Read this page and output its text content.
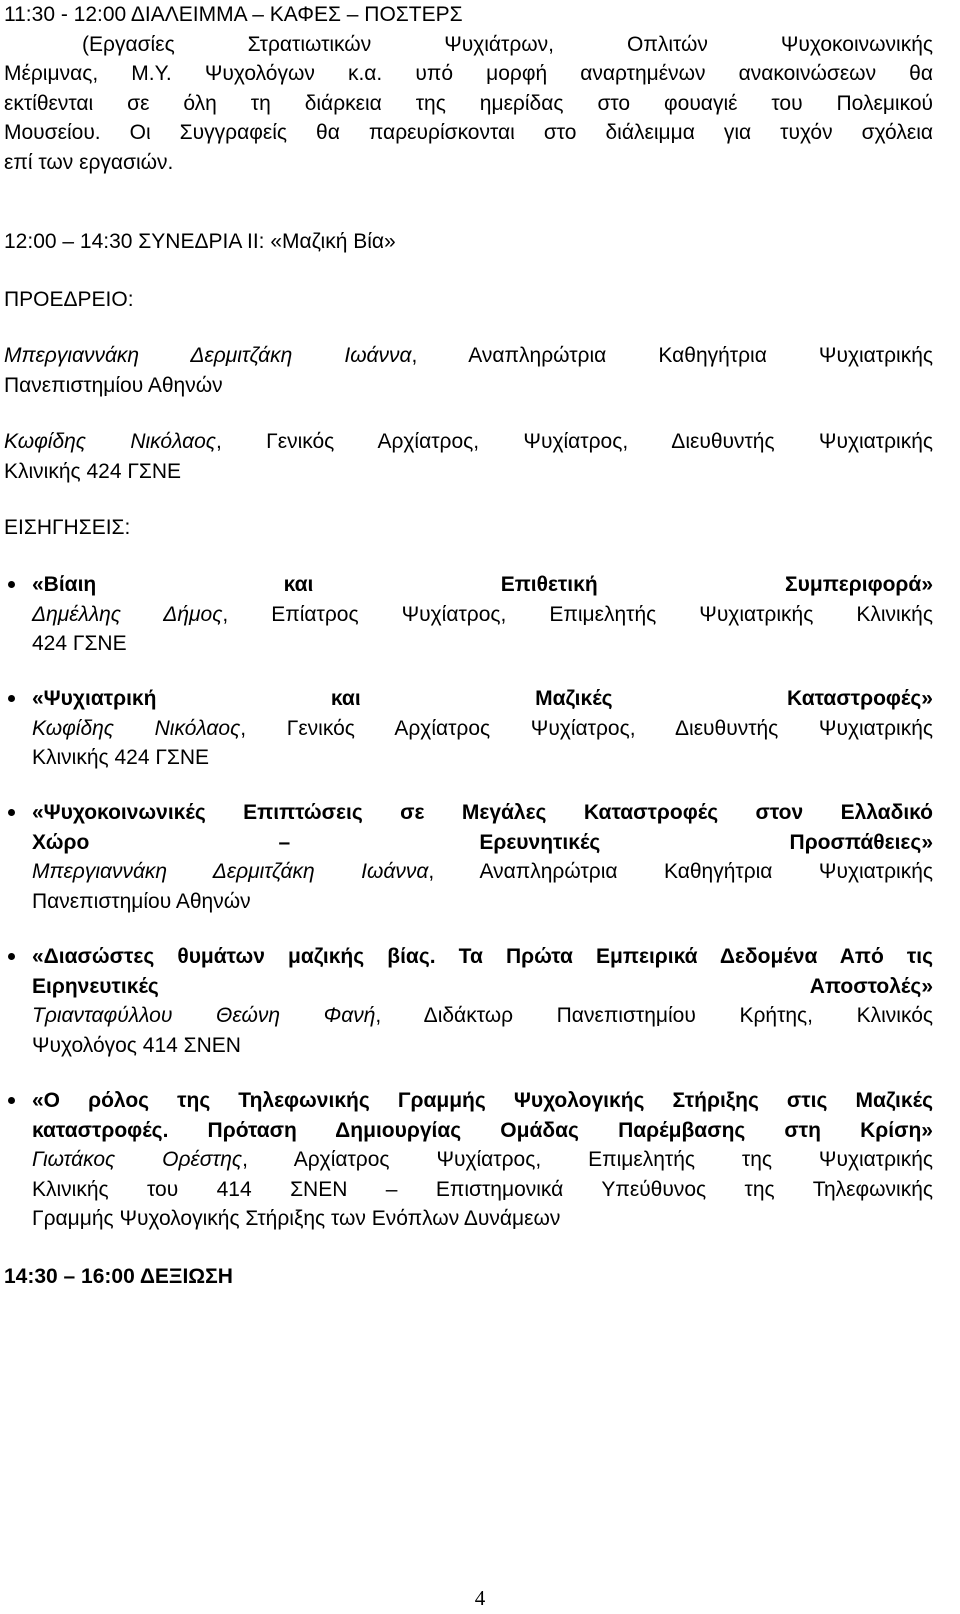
11:30 - 12:00 ΔΙΑΛΕΙΜΜΑ – ΚΑΦΕΣ – ΠΟΣΤΕΡΣ
(Εργασίες Στρατιωτικών Ψυχιάτρων, Οπλιτών Ψυχοκοινωνικής
Μέριμνας, Μ.Υ. Ψυχολόγων κ.α. υπό μορφή αναρτημένων ανακοινώσεων θα
εκτίθενται σε όλη τη διάρκεια της ημερίδας στο φουαγιέ του Πολεμικού
Μουσείου. Οι Συγγραφείς θα παρευρίσκονται στο διάλειμμα για τυχόν σχόλεια
επί των εργασιών.
12:00 – 14:30 ΣΥΝΕΔΡΙΑ ΙΙ: «Μαζική Βία»
ΠΡΟΕΔΡΕΙΟ:
Μπεργιαννάκη Δερμιτζάκη Ιωάννα, Αναπληρώτρια Καθηγήτρια Ψυχιατρικής
Πανεπιστημίου Αθηνών
Κωφίδης Νικόλαος, Γενικός Αρχίατρος, Ψυχίατρος, Διευθυντής Ψυχιατρικής
Κλινικής 424 ΓΣΝΕ
ΕΙΣΗΓΗΣΕΙΣ:
«Βίαιη και Επιθετική Συμπεριφορά»
Δημέλλης Δήμος, Επίατρος Ψυχίατρος, Επιμελητής Ψυχιατρικής Κλινικής
424 ΓΣΝΕ
«Ψυχιατρική και Μαζικές Καταστροφές»
Κωφίδης Νικόλαος, Γενικός Αρχίατρος Ψυχίατρος, Διευθυντής Ψυχιατρικής
Κλινικής 424 ΓΣΝΕ
«Ψυχοκοινωνικές Επιπτώσεις σε Μεγάλες Καταστροφές στον Ελλαδικό
Χώρο – Ερευνητικές Προσπάθειες»
Μπεργιαννάκη Δερμιτζάκη Ιωάννα, Αναπληρώτρια Καθηγήτρια Ψυχιατρικής
Πανεπιστημίου Αθηνών
«Διασώστες θυμάτων μαζικής βίας. Τα Πρώτα Εμπειρικά Δεδομένα Από τις
Ειρηνευτικές Αποστολές»
Τριανταφύλλου Θεώνη Φανή, Διδάκτωρ Πανεπιστημίου Κρήτης, Κλινικός
Ψυχολόγος 414 ΣΝΕΝ
«Ο ρόλος της Τηλεφωνικής Γραμμής Ψυχολογικής Στήριξης στις Μαζικές
καταστροφές. Πρόταση Δημιουργίας Ομάδας Παρέμβασης στη Κρίση»
Γιωτάκος Ορέστης, Αρχίατρος Ψυχίατρος, Επιμελητής της Ψυχιατρικής
Κλινικής του 414 ΣΝΕΝ – Επιστημονικά Υπεύθυνος της Τηλεφωνικής
Γραμμής Ψυχολογικής Στήριξης των Ενόπλων Δυνάμεων
14:30 – 16:00 ΔΕΞΙΩΣΗ
4
